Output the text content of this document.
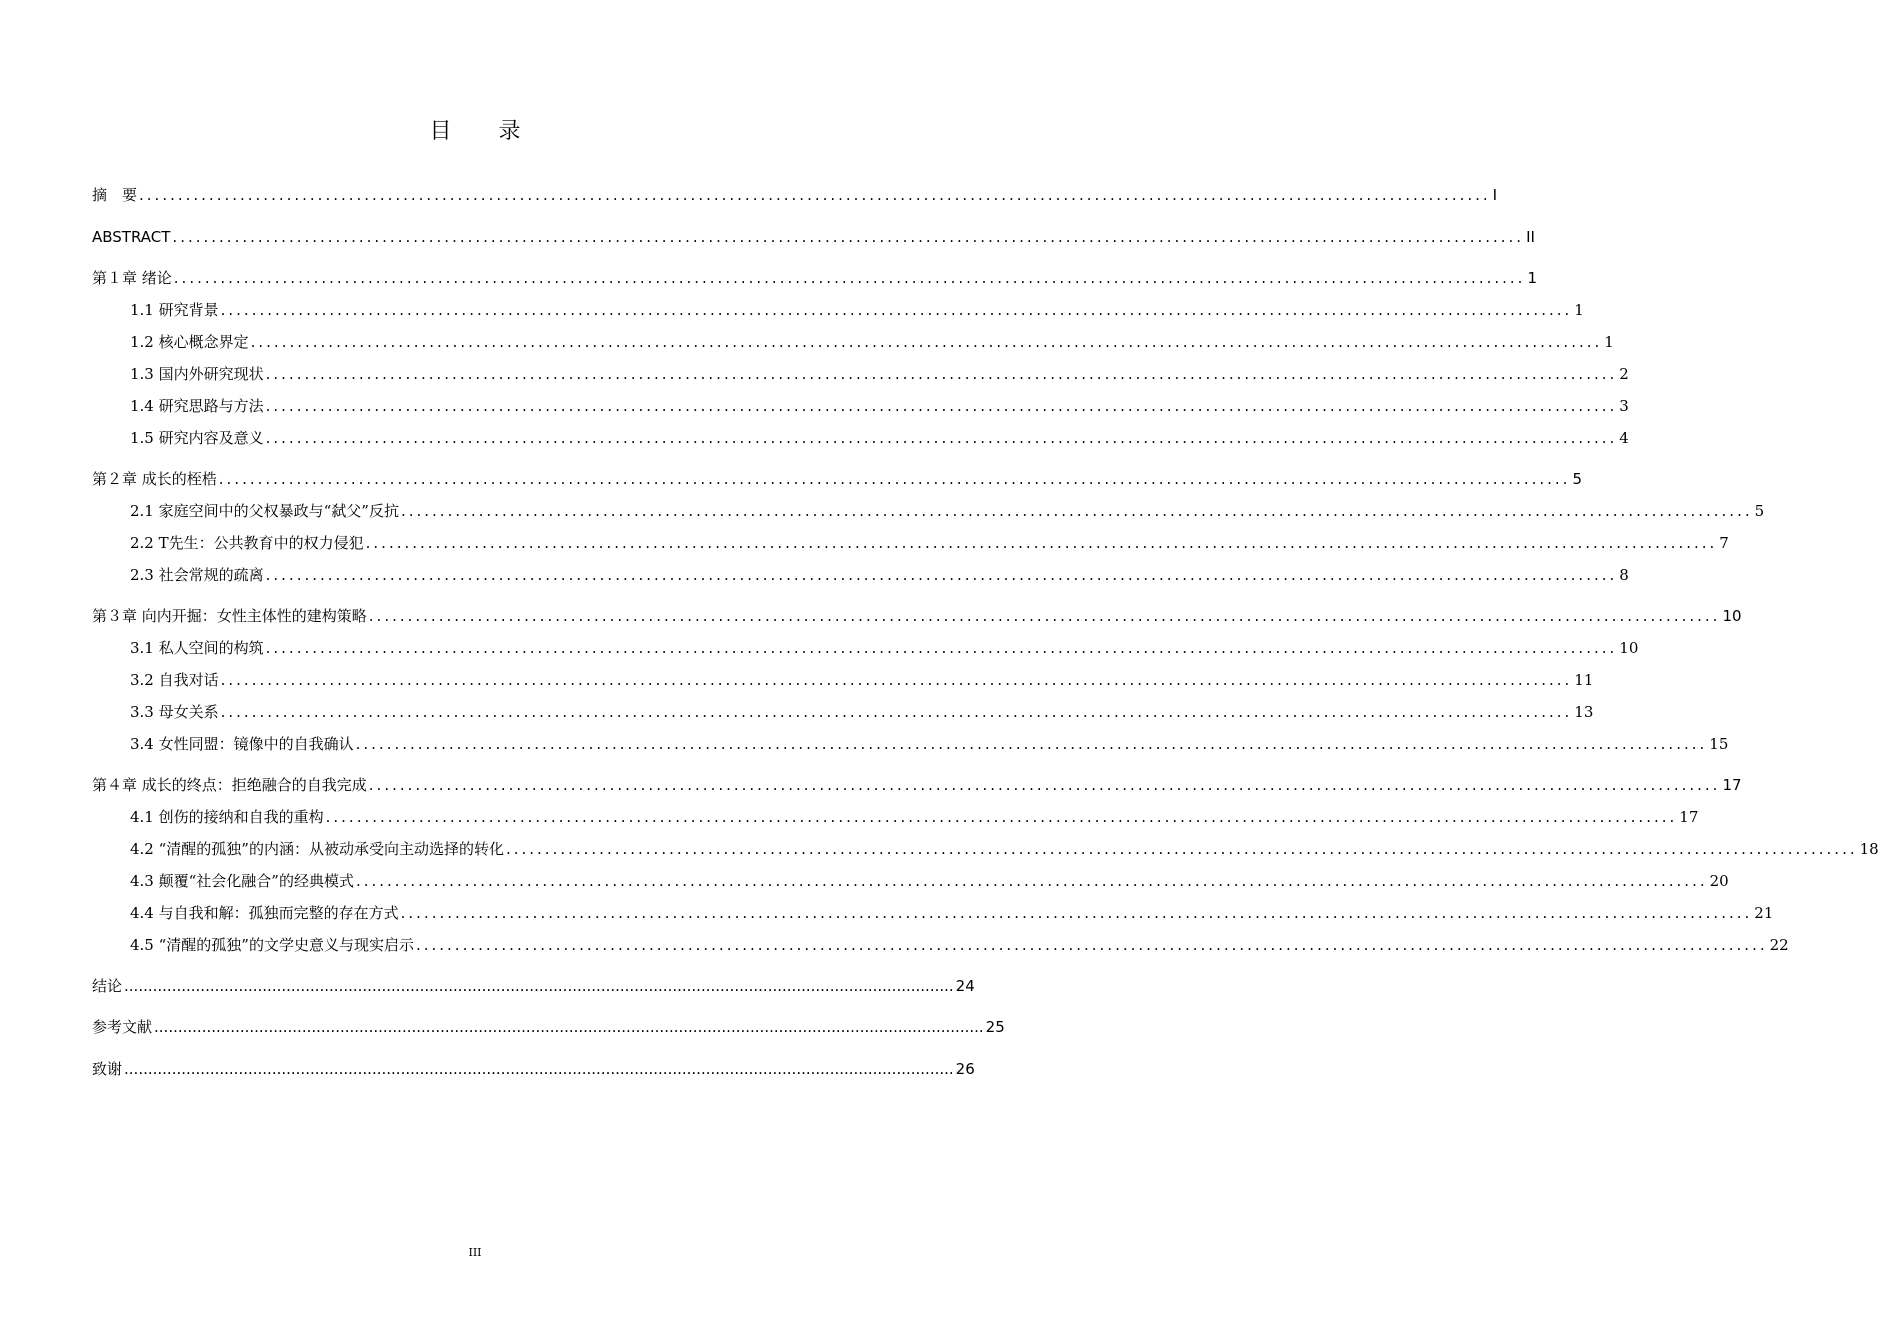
目 录
摘　要 .............................................................................................................................................................................. I
ABSTRACT .............................................................................................................................................................................. II
第１章 绪论 .............................................................................................................................................................................. 1
1.1 研究背景 .............................................................................................................................................................................. 1
1.2 核心概念界定 .............................................................................................................................................................................. 1
1.3 国内外研究现状 .............................................................................................................................................................................. 2
1.4 研究思路与方法 .............................................................................................................................................................................. 3
1.5 研究内容及意义 .............................................................................................................................................................................. 4
第２章 成长的桎梏 .............................................................................................................................................................................. 5
2.1 家庭空间中的父权暴政与“弑父”反抗 .............................................................................................................................................................................. 5
2.2 T先生：公共教育中的权力侵犯 .............................................................................................................................................................................. 7
2.3 社会常规的疏离 .............................................................................................................................................................................. 8
第３章 向内开掘：女性主体性的建构策略 .............................................................................................................................................................................. 10
3.1 私人空间的构筑 .............................................................................................................................................................................. 10
3.2 自我对话 .............................................................................................................................................................................. 11
3.3 母女关系 .............................................................................................................................................................................. 13
3.4 女性同盟：镜像中的自我确认 .............................................................................................................................................................................. 15
第４章 成长的终点：拒绝融合的自我完成 .............................................................................................................................................................................. 17
4.1 创伤的接纳和自我的重构 .............................................................................................................................................................................. 17
4.2 “清醒的孤独”的内涵：从被动承受向主动选择的转化 .............................................................................................................................................................................. 18
4.3 颠覆“社会化融合”的经典模式 .............................................................................................................................................................................. 20
4.4 与自我和解：孤独而完整的存在方式 .............................................................................................................................................................................. 21
4.5 “清醒的孤独”的文学史意义与现实启示 .............................................................................................................................................................................. 22
结论 .............................................................................................................................................................................. 24
参考文献 .............................................................................................................................................................................. 25
致谢 .............................................................................................................................................................................. 26
III
